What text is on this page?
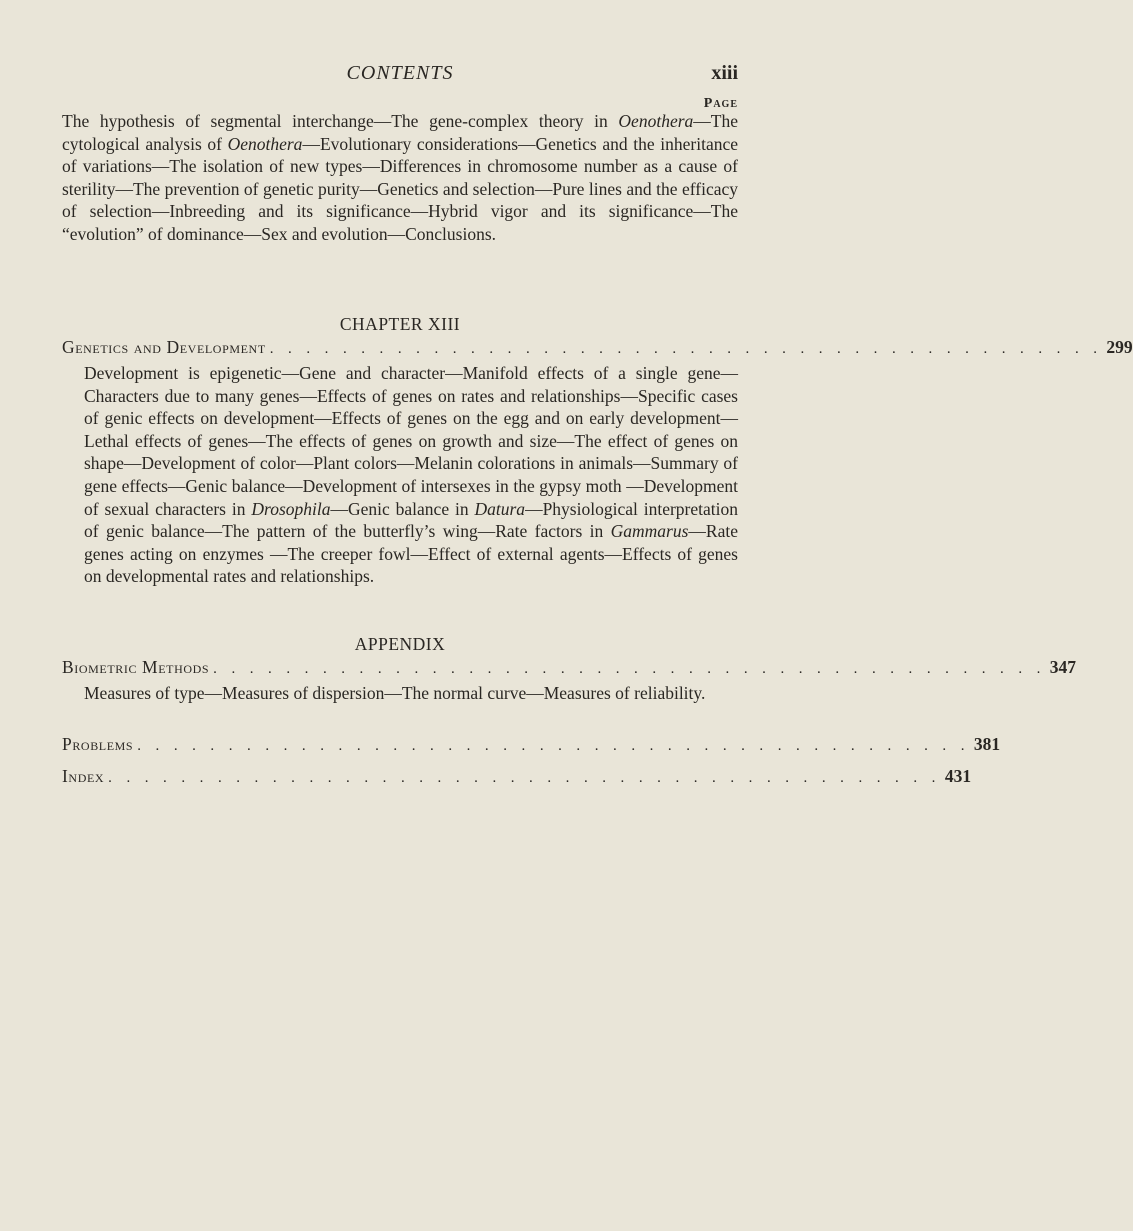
CONTENTS	xiii
Page
The hypothesis of segmental interchange—The gene-complex theory in Oenothera—The cytological analysis of Oenothera—Evolutionary considerations—Genetics and the inheritance of variations—The isolation of new types—Differences in chromosome number as a cause of sterility—The prevention of genetic purity—Genetics and selection—Pure lines and the efficacy of selection—Inbreeding and its significance—Hybrid vigor and its significance—The “evolution” of dominance—Sex and evolution—Conclusions.
CHAPTER XIII
Genetics and Development . . . . . . . . . . . . . . . . . . . . . . . . . . . . . . . . . . . . . . . . . . . . . . 299
Development is epigenetic—Gene and character—Manifold effects of a single gene—Characters due to many genes—Effects of genes on rates and relationships—Specific cases of genic effects on development—Effects of genes on the egg and on early development—Lethal effects of genes—The effects of genes on growth and size—The effect of genes on shape—Development of color—Plant colors—Melanin colorations in animals—Summary of gene effects—Genic balance—Development of intersexes in the gypsy moth —Development of sexual characters in Drosophila—Genic balance in Datura—Physiological interpretation of genic balance—The pattern of the butterfly’s wing—Rate factors in Gammarus—Rate genes acting on enzymes —The creeper fowl—Effect of external agents—Effects of genes on developmental rates and relationships.
APPENDIX
Biometric Methods . . . . . . . . . . . . . . . . . . . . . . . . . . . . . . . . . . . . . . . . . . . . . . 347
Measures of type—Measures of dispersion—The normal curve—Measures of reliability.
Problems . . . . . . . . . . . . . . . . . . . . . . . . . . . . . . . . . . . . . . . . . . . . . . 381
Index . . . . . . . . . . . . . . . . . . . . . . . . . . . . . . . . . . . . . . . . . . . . . . 431
